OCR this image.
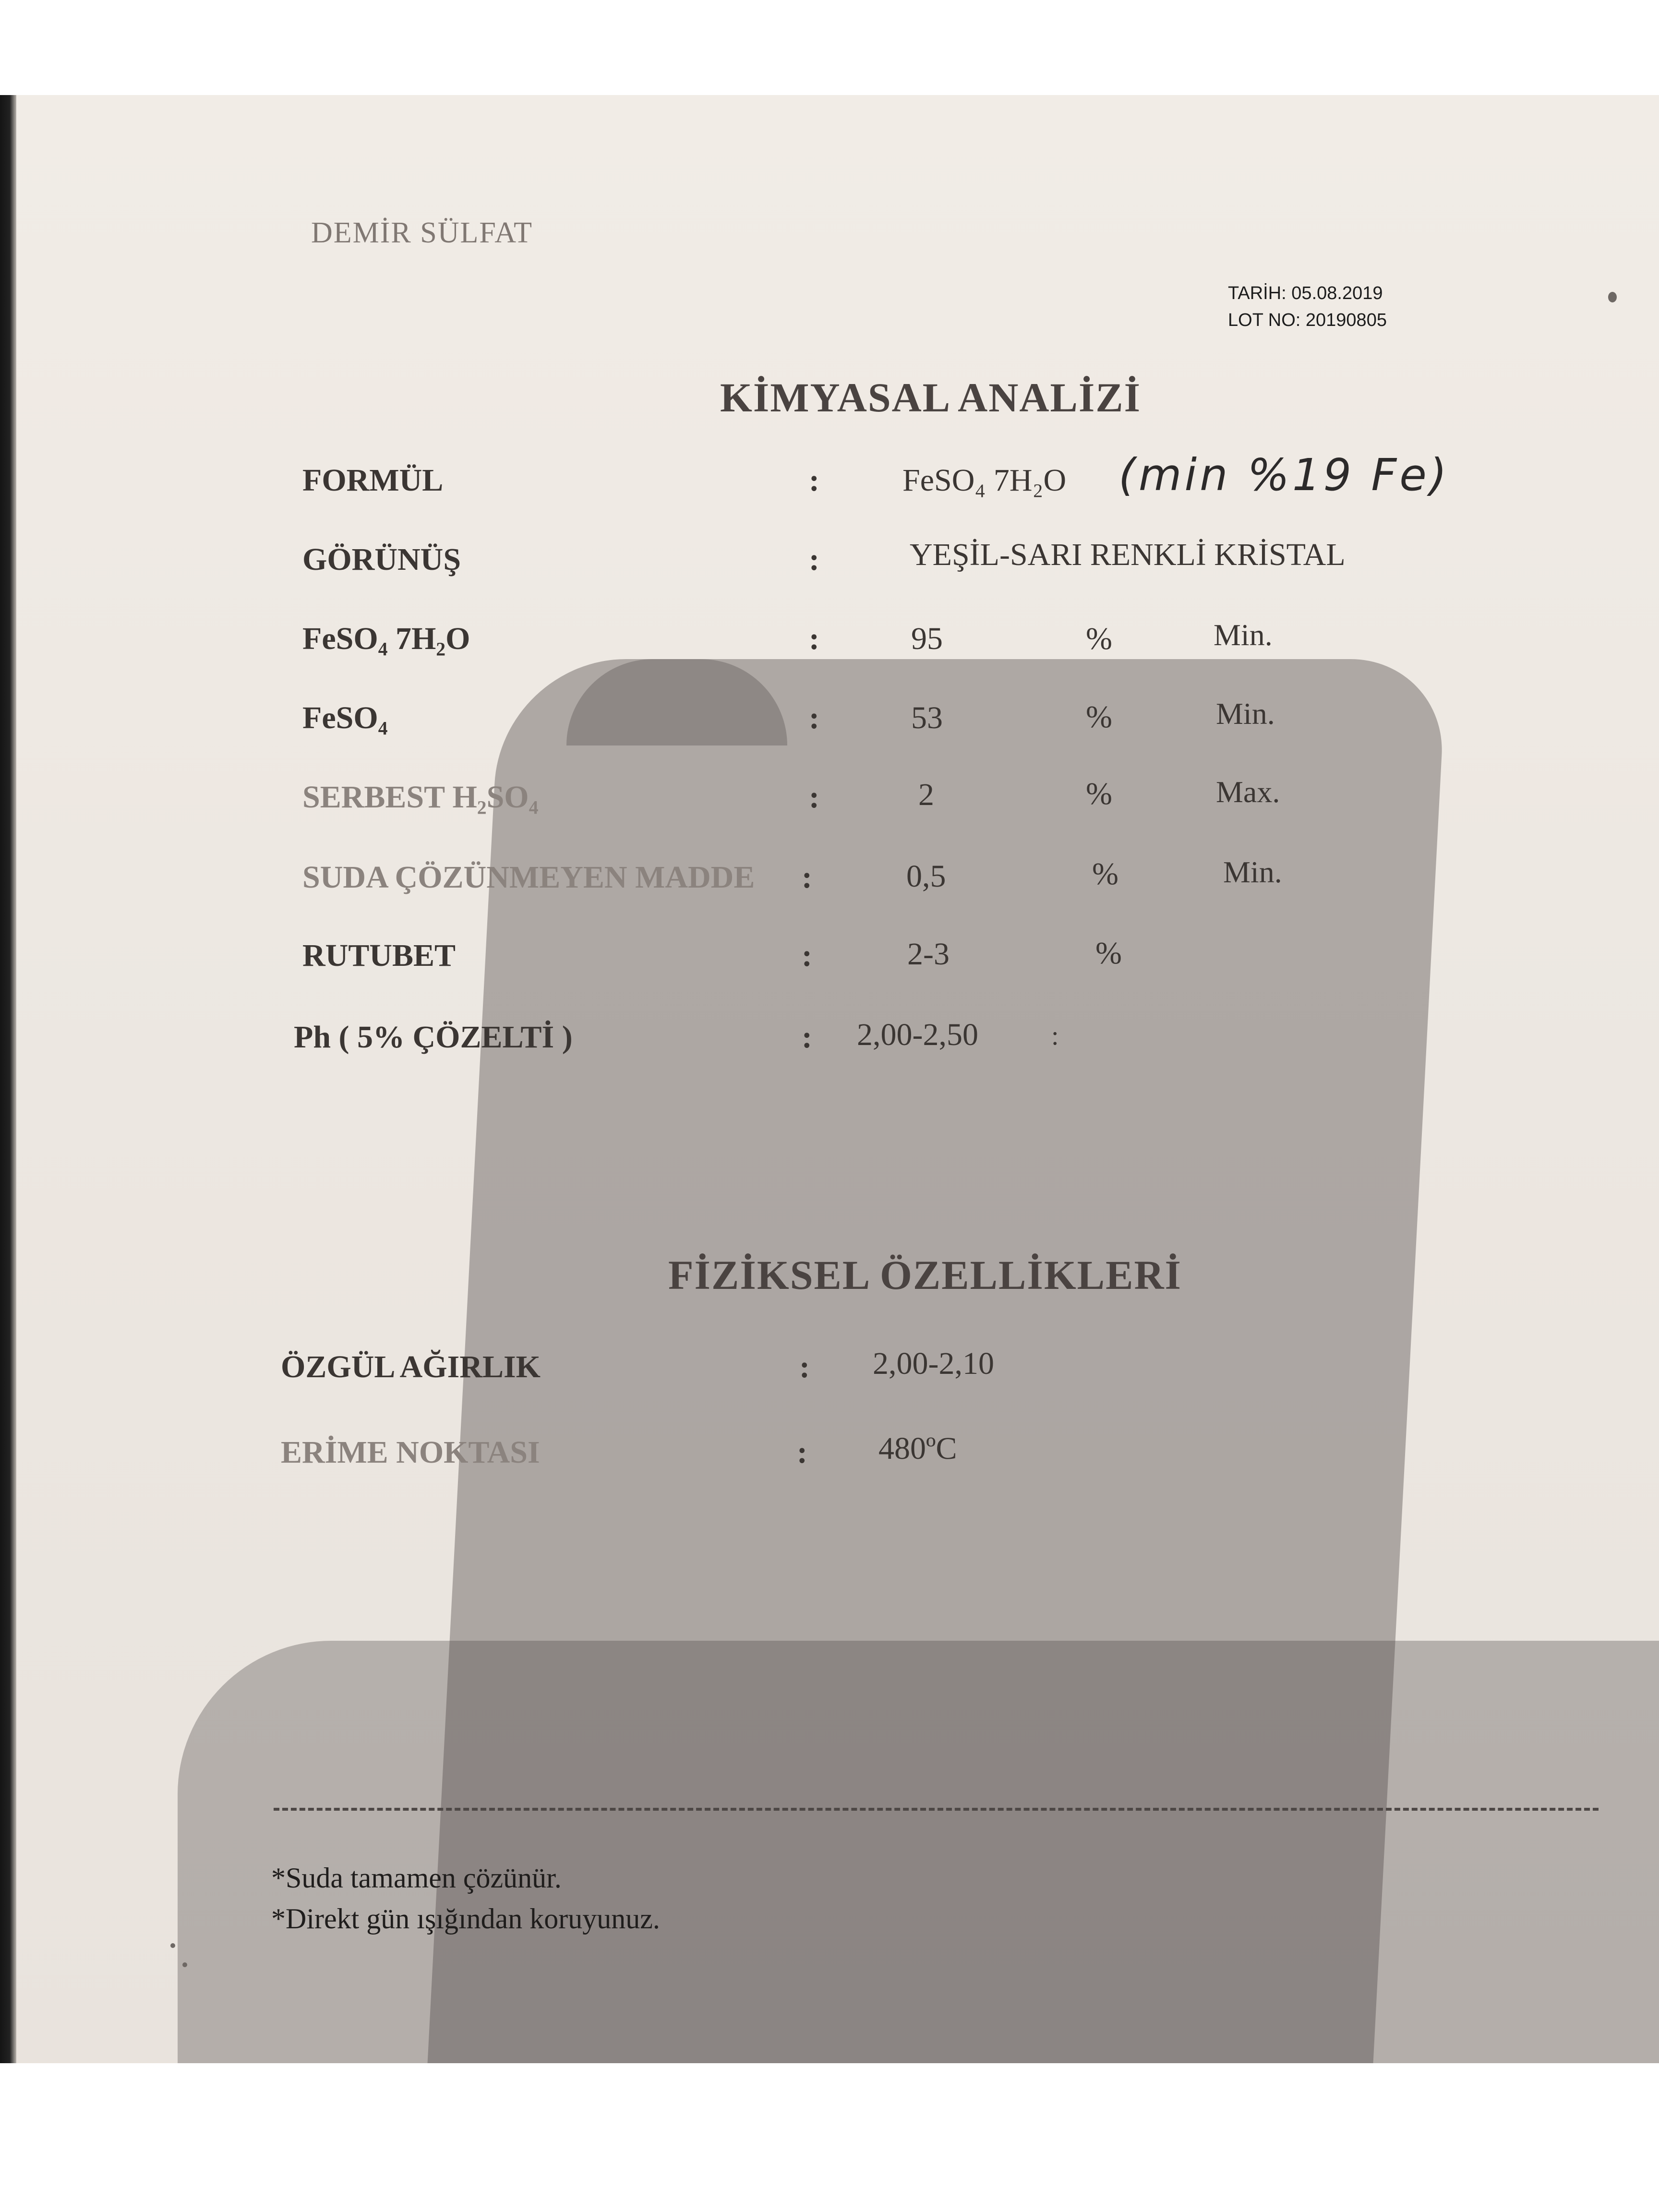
DEMİR SÜLFAT
TARİH: 05.08.2019
LOT NO: 20190805
KİMYASAL ANALİZİ
FORMÜL	:	FeSO₄ 7H₂O (min %19 Fe)
GÖRÜNÜŞ	:	YEŞİL-SARI RENKLİ KRİSTAL
FeSO₄ 7H₂O	:	95	%	Min.
FeSO₄	:	53	%	Min.
SERBEST H₂SO₄	:	2	%	Max.
SUDA ÇÖZÜNMEYEN MADDE :	0,5	%	Min.
RUTUBET	:	2-3	%
Ph ( 5% ÇÖZELTİ )	: 2,00-2,50	:
FİZİKSEL ÖZELLİKLERİ
ÖZGÜL AĞIRLIK	: 2,00-2,10
ERİME NOKTASI	: 480ºC
*Suda tamamen çözünür.
*Direkt gün ışığından koruyunuz.
